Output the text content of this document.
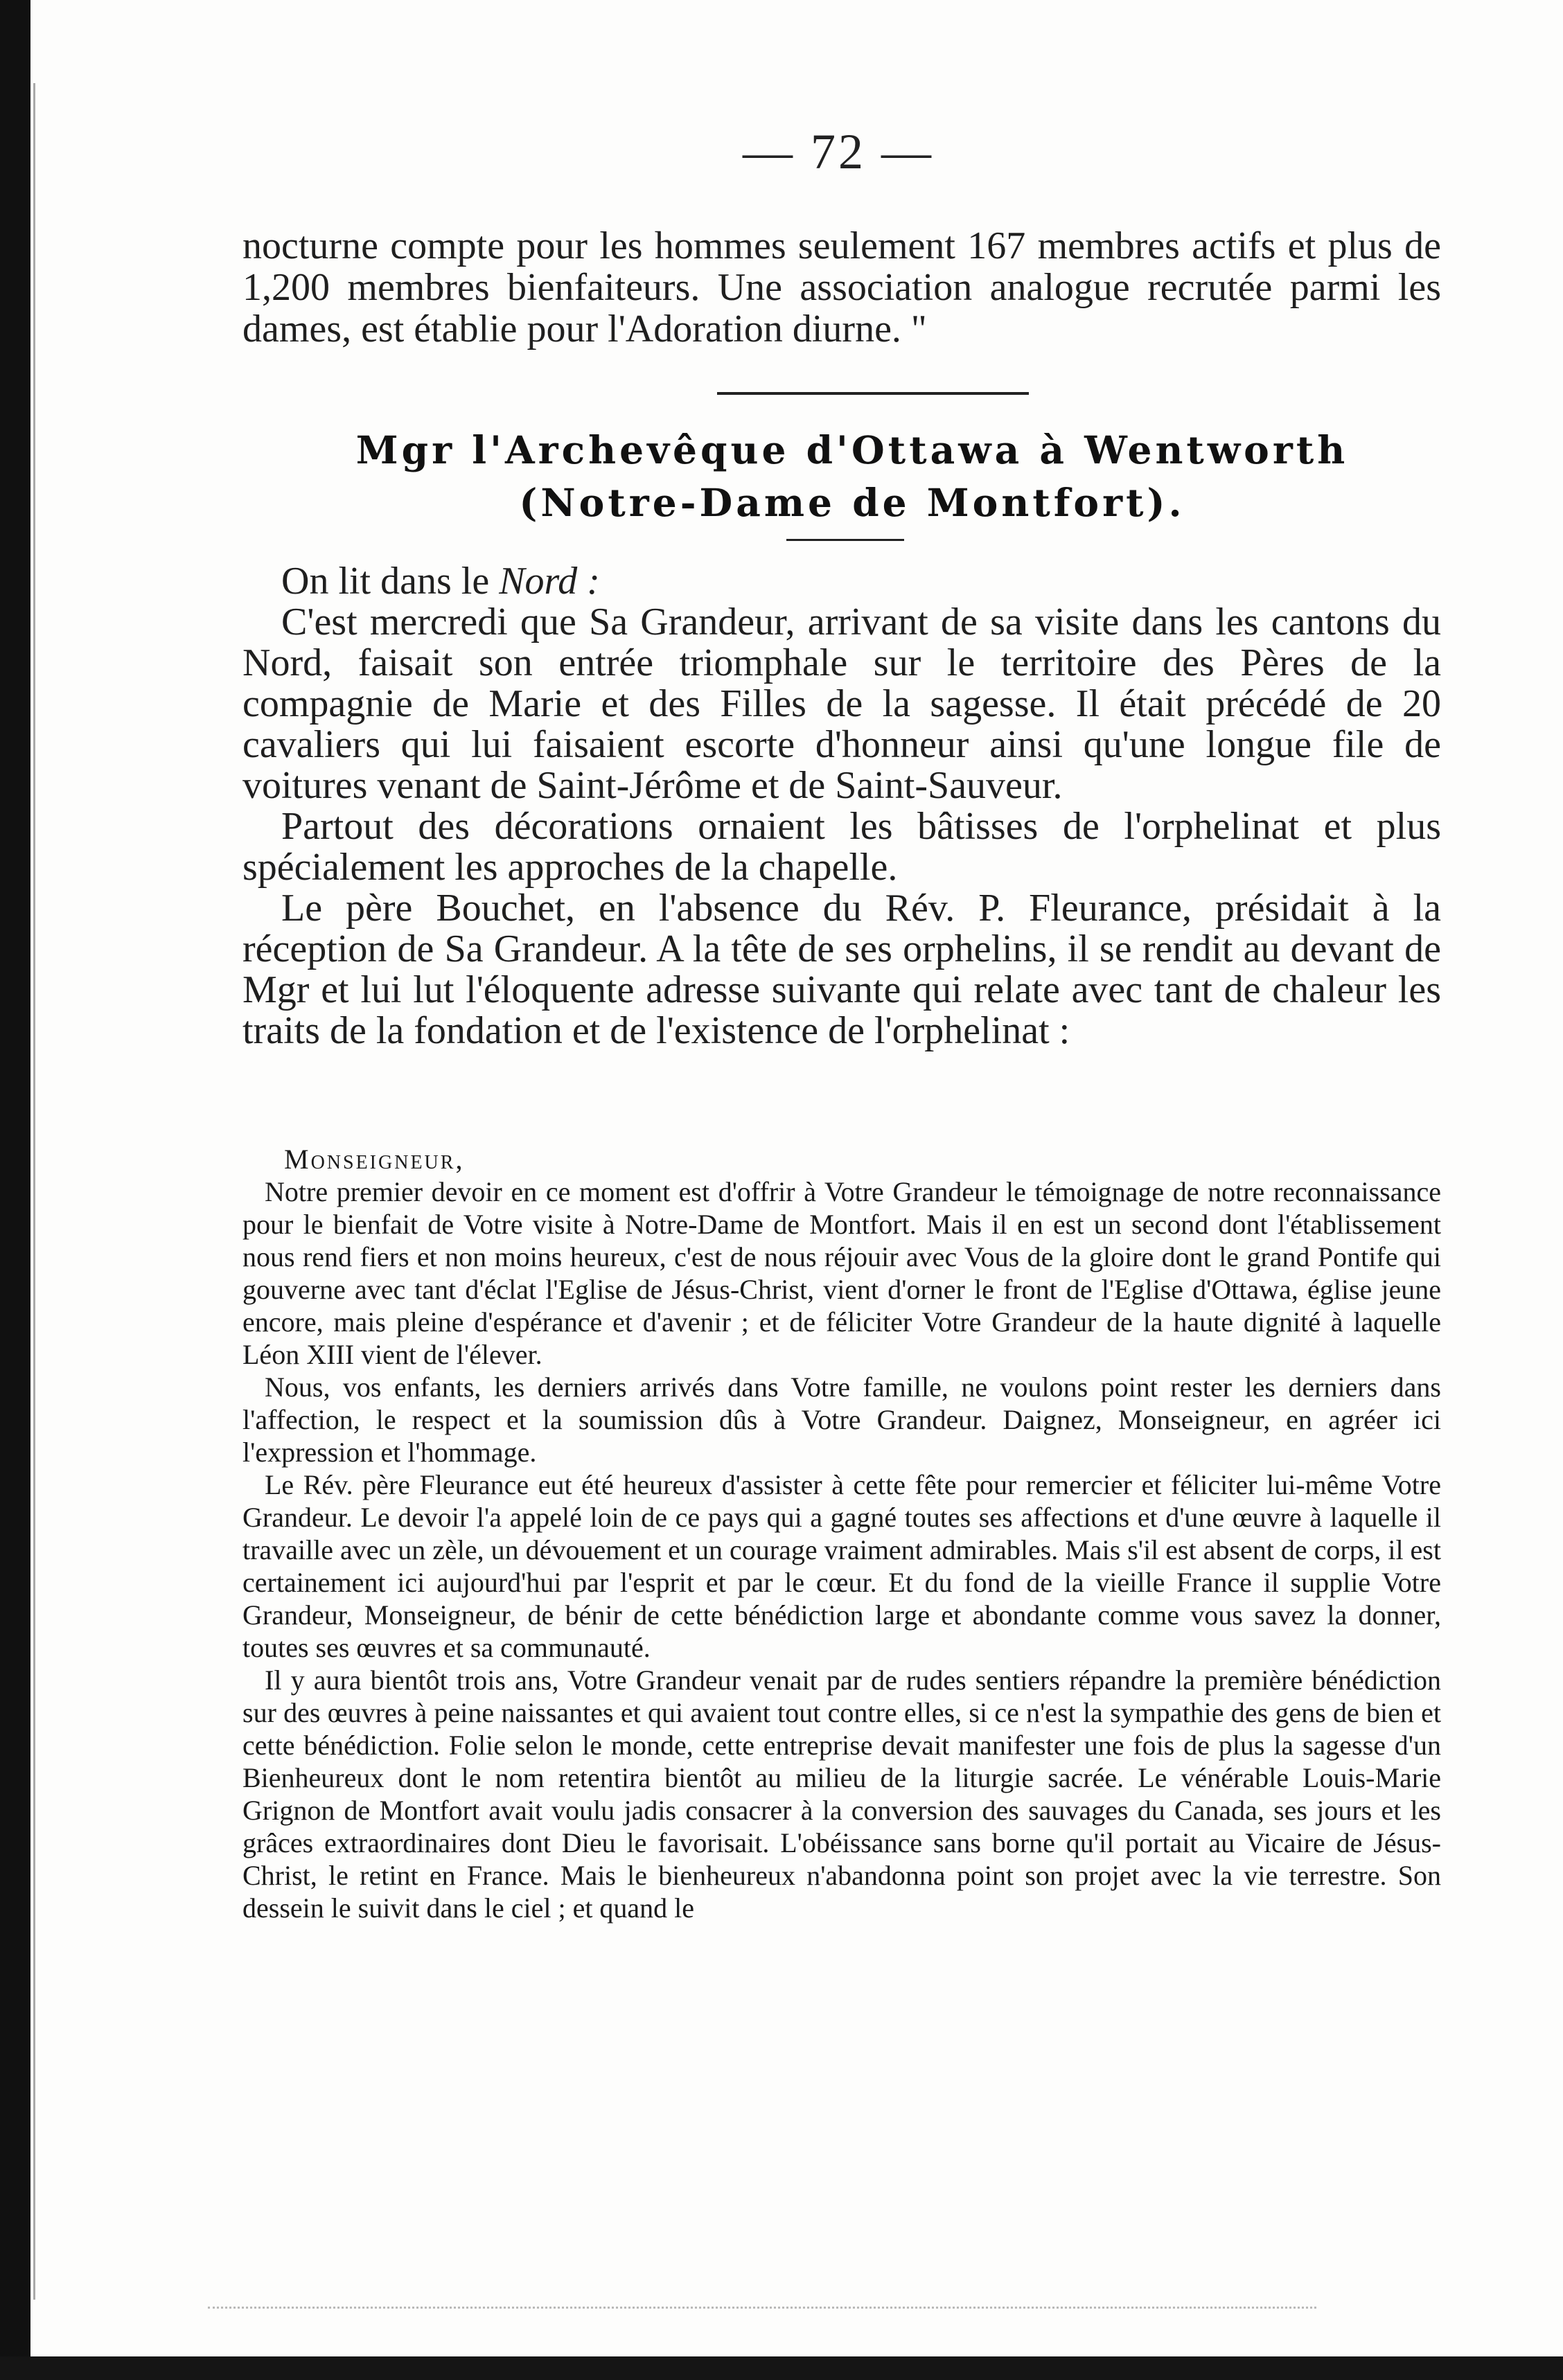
— 72 —

nocturne compte pour les hommes seulement 167 membres actifs et plus de 1,200 membres bienfaiteurs. Une association analogue recrutée parmi les dames, est établie pour l'Adoration diurne. "

Mgr l'Archevêque d'Ottawa à Wentworth
(Notre-Dame de Montfort).

On lit dans le Nord :

C'est mercredi que Sa Grandeur, arrivant de sa visite dans les cantons du Nord, faisait son entrée triomphale sur le territoire des Pères de la compagnie de Marie et des Filles de la sagesse. Il était précédé de 20 cavaliers qui lui faisaient escorte d'honneur ainsi qu'une longue file de voitures venant de Saint-Jérôme et de Saint-Sauveur.

Partout des décorations ornaient les bâtisses de l'orphelinat et plus spécialement les approches de la chapelle.

Le père Bouchet, en l'absence du Rév. P. Fleurance, présidait à la réception de Sa Grandeur. A la tête de ses orphelins, il se rendit au devant de Mgr et lui lut l'éloquente adresse suivante qui relate avec tant de chaleur les traits de la fondation et de l'existence de l'orphelinat :

Monseigneur,

Notre premier devoir en ce moment est d'offrir à Votre Grandeur le témoignage de notre reconnaissance pour le bienfait de Votre visite à Notre-Dame de Montfort. Mais il en est un second dont l'établissement nous rend fiers et non moins heureux, c'est de nous réjouir avec Vous de la gloire dont le grand Pontife qui gouverne avec tant d'éclat l'Eglise de Jésus-Christ, vient d'orner le front de l'Eglise d'Ottawa, église jeune encore, mais pleine d'espérance et d'avenir ; et de féliciter Votre Grandeur de la haute dignité à laquelle Léon XIII vient de l'élever.

Nous, vos enfants, les derniers arrivés dans Votre famille, ne voulons point rester les derniers dans l'affection, le respect et la soumission dûs à Votre Grandeur. Daignez, Monseigneur, en agréer ici l'expression et l'hommage.

Le Rév. père Fleurance eut été heureux d'assister à cette fête pour remercier et féliciter lui-même Votre Grandeur. Le devoir l'a appelé loin de ce pays qui a gagné toutes ses affections et d'une œuvre à laquelle il travaille avec un zèle, un dévouement et un courage vraiment admirables. Mais s'il est absent de corps, il est certainement ici aujourd'hui par l'esprit et par le cœur. Et du fond de la vieille France il supplie Votre Grandeur, Monseigneur, de bénir de cette bénédiction large et abondante comme vous savez la donner, toutes ses œuvres et sa communauté.

Il y aura bientôt trois ans, Votre Grandeur venait par de rudes sentiers répandre la première bénédiction sur des œuvres à peine naissantes et qui avaient tout contre elles, si ce n'est la sympathie des gens de bien et cette bénédiction. Folie selon le monde, cette entreprise devait manifester une fois de plus la sagesse d'un Bienheureux dont le nom retentira bientôt au milieu de la liturgie sacrée. Le vénérable Louis-Marie Grignon de Montfort avait voulu jadis consacrer à la conversion des sauvages du Canada, ses jours et les grâces extraordinaires dont Dieu le favorisait. L'obéissance sans borne qu'il portait au Vicaire de Jésus-Christ, le retint en France. Mais le bienheureux n'abandonna point son projet avec la vie terrestre. Son dessein le suivit dans le ciel ; et quand le
